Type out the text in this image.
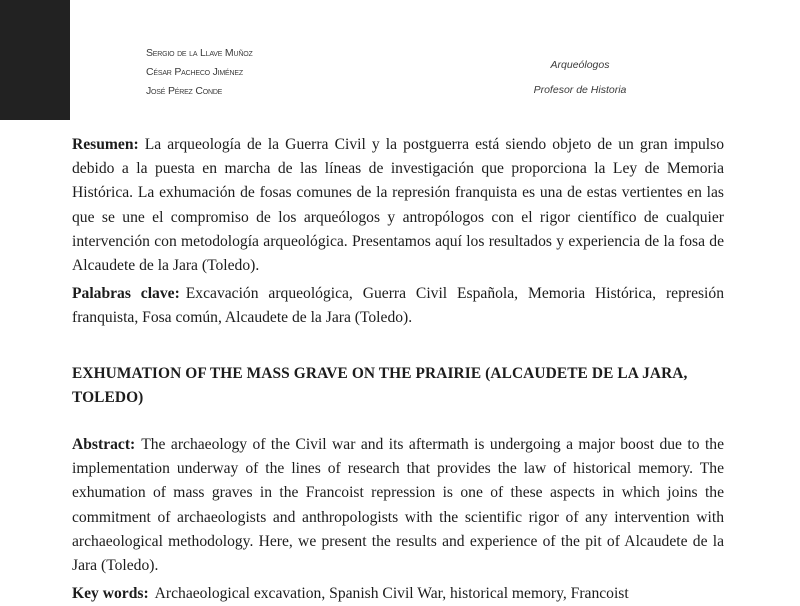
Sergio de la Llave Muñoz
César Pacheco Jiménez
José Pérez Conde
Arqueólogos
Profesor de Historia
Resumen: La arqueología de la Guerra Civil y la postguerra está siendo objeto de un gran impulso debido a la puesta en marcha de las líneas de investigación que proporciona la Ley de Memoria Histórica. La exhumación de fosas comunes de la represión franquista es una de estas vertientes en las que se une el compromiso de los arqueólogos y antropólogos con el rigor científico de cualquier intervención con metodología arqueológica. Presentamos aquí los resultados y experiencia de la fosa de Alcaudete de la Jara (Toledo).
Palabras clave: Excavación arqueológica, Guerra Civil Española, Memoria Histórica, represión franquista, Fosa común, Alcaudete de la Jara (Toledo).
EXHUMATION OF THE MASS GRAVE ON THE PRAIRIE (ALCAUDETE DE LA JARA, TOLEDO)
Abstract: The archaeology of the Civil war and its aftermath is undergoing a major boost due to the implementation underway of the lines of research that provides the law of historical memory. The exhumation of mass graves in the Francoist repression is one of these aspects in which joins the commitment of archaeologists and anthropologists with the scientific rigor of any intervention with archaeological methodology. Here, we present the results and experience of the pit of Alcaudete de la Jara (Toledo).
Key words: Archaeological excavation, Spanish Civil War, historical memory, Francoist
